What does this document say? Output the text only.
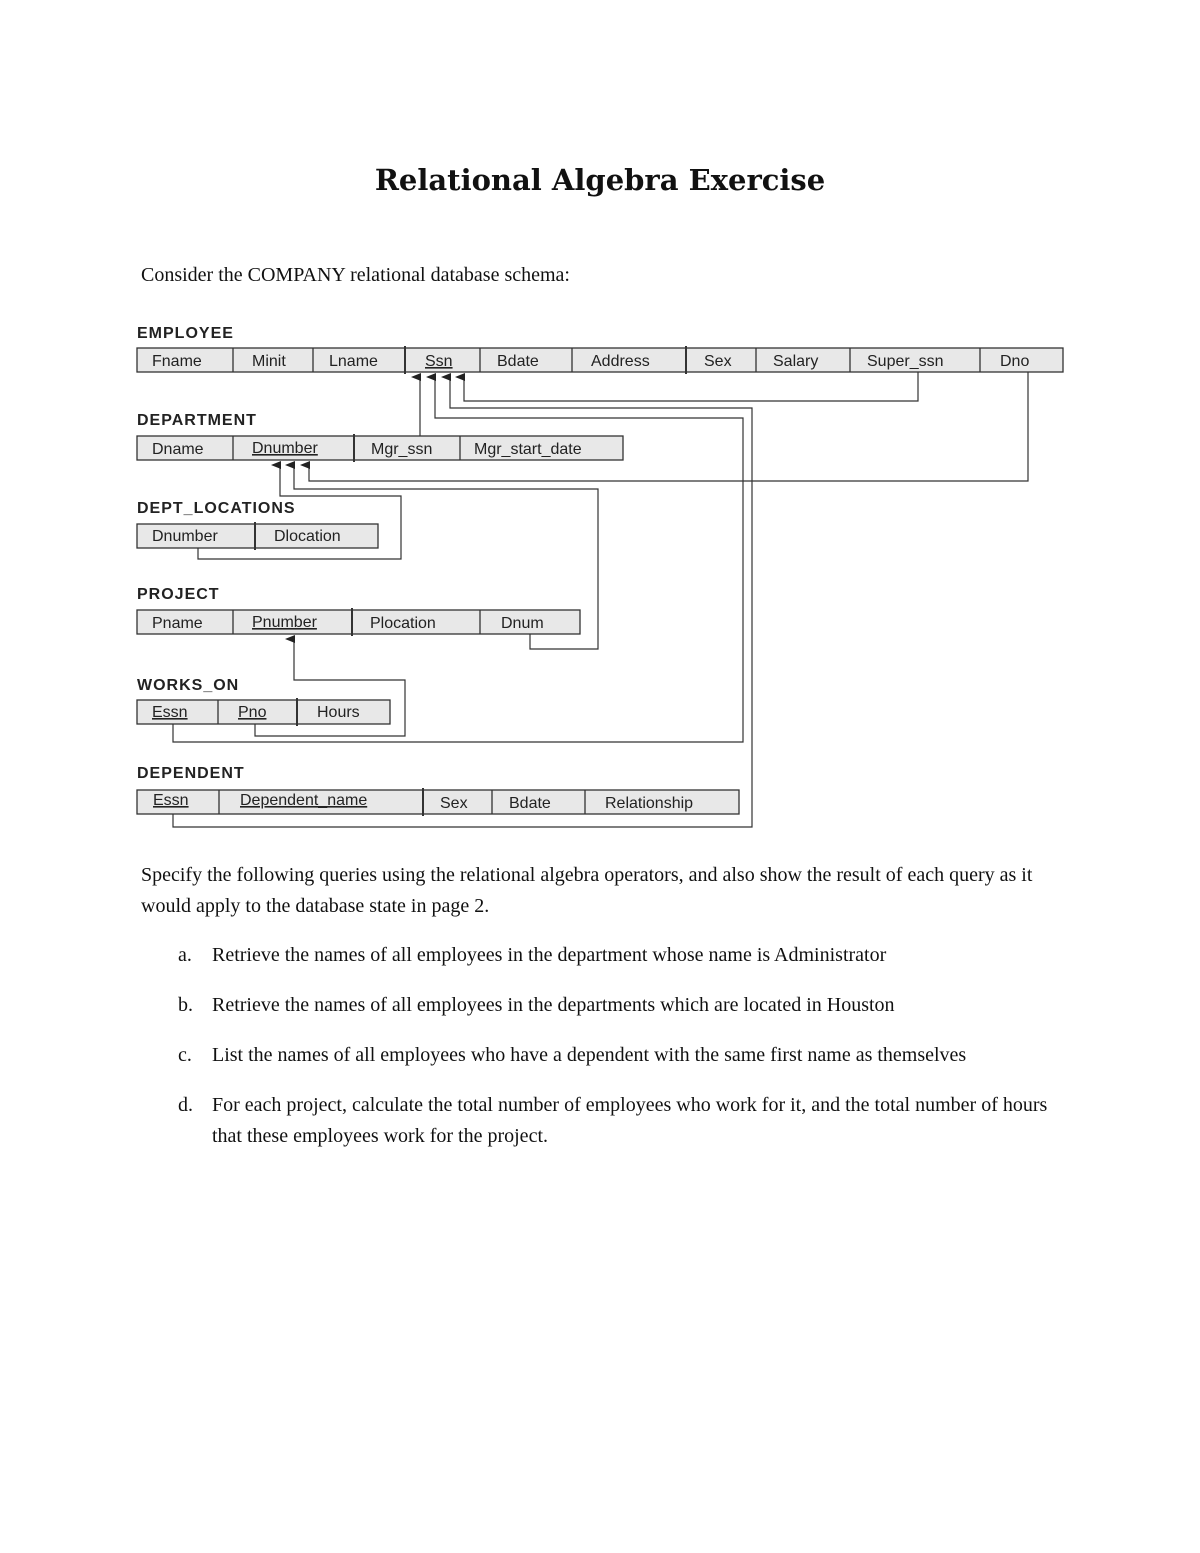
Relational Algebra Exercise
Consider the COMPANY relational database schema:
EMPLOYEE
Fname	Minit	Lname	Ssn	Bdate	Address	Sex	Salary	Super_ssn	Dno
DEPARTMENT
Dname	Dnumber	Mgr_ssn	Mgr_start_date
DEPT_LOCATIONS
Dnumber	Dlocation
PROJECT
Pname	Pnumber	Plocation	Dnum
WORKS_ON
Essn	Pno	Hours
DEPENDENT
Essn	Dependent_name	Sex	Bdate	Relationship
Specify the following queries using the relational algebra operators, and also show the result of each query as it would apply to the database state in page 2.
a.	Retrieve the names of all employees in the department whose name is Administrator
b. Retrieve the names of all employees in the departments which are located in Houston
c.	List the names of all employees who have a dependent with the same first name as themselves
d. For each project, calculate the total number of employees who work for it, and the total number of hours that these employees work for the project.
